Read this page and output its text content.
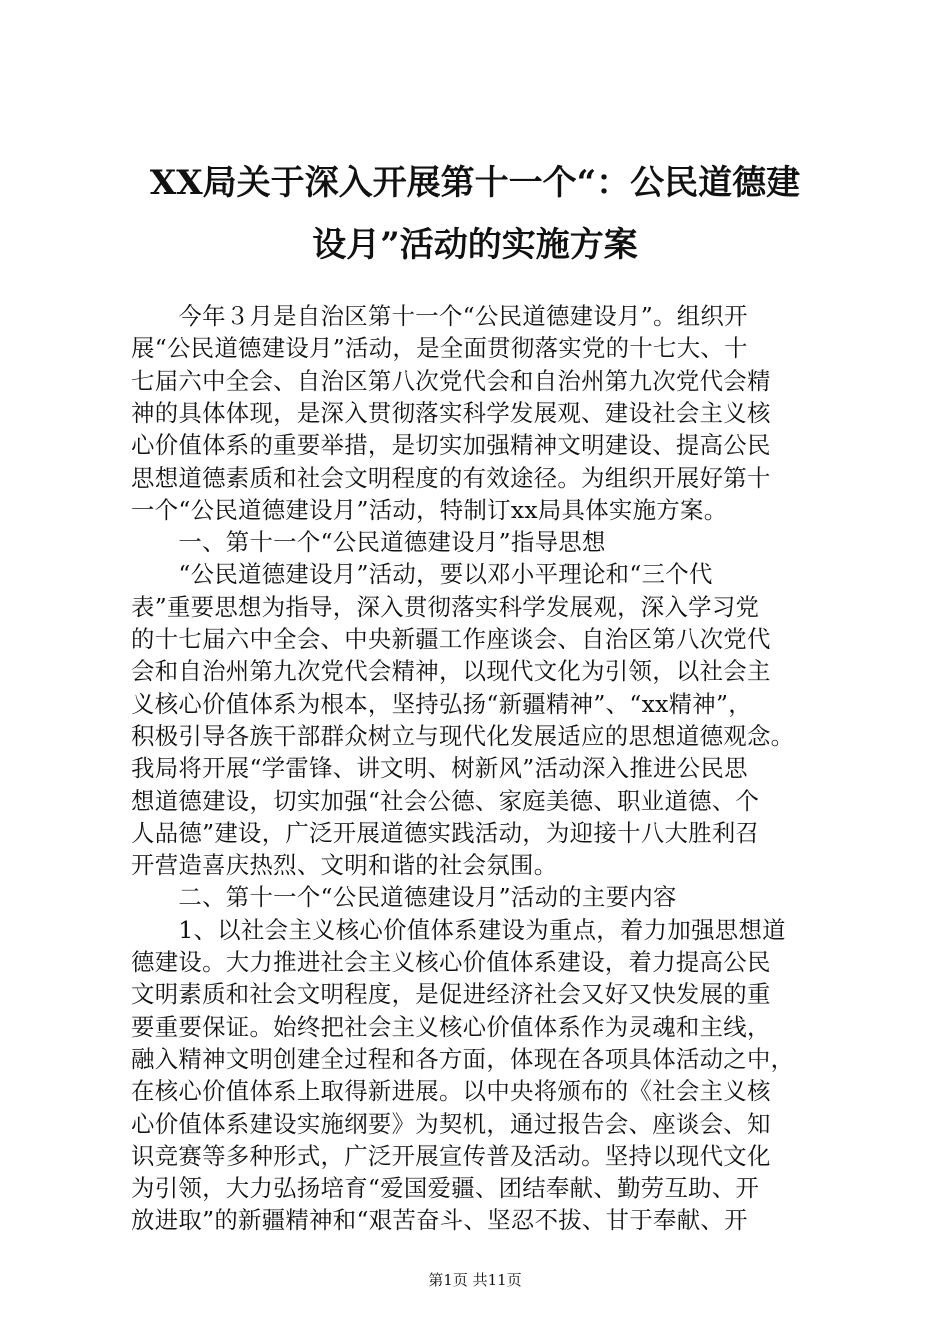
XX局关于深入开展第十一个“：公民道德建
设月”活动的实施方案
　　今年３月是自治区第十一个“公民道德建设月”。组织开
展“公民道德建设月”活动，是全面贯彻落实党的十七大、十
七届六中全会、自治区第八次党代会和自治州第九次党代会精
神的具体体现，是深入贯彻落实科学发展观、建设社会主义核
心价值体系的重要举措，是切实加强精神文明建设、提高公民
思想道德素质和社会文明程度的有效途径。为组织开展好第十
一个“公民道德建设月”活动，特制订xx局具体实施方案。
　　一、第十一个“公民道德建设月”指导思想
　　“公民道德建设月”活动，要以邓小平理论和“三个代
表”重要思想为指导，深入贯彻落实科学发展观，深入学习党
的十七届六中全会、中央新疆工作座谈会、自治区第八次党代
会和自治州第九次党代会精神，以现代文化为引领，以社会主
义核心价值体系为根本，坚持弘扬“新疆精神”、“xx精神”，
积极引导各族干部群众树立与现代化发展适应的思想道德观念。
我局将开展“学雷锋、讲文明、树新风”活动深入推进公民思
想道德建设，切实加强“社会公德、家庭美德、职业道德、个
人品德”建设，广泛开展道德实践活动，为迎接十八大胜利召
开营造喜庆热烈、文明和谐的社会氛围。
　　二、第十一个“公民道德建设月”活动的主要内容
　　1、以社会主义核心价值体系建设为重点，着力加强思想道
德建设。大力推进社会主义核心价值体系建设，着力提高公民
文明素质和社会文明程度，是促进经济社会又好又快发展的重
要重要保证。始终把社会主义核心价值体系作为灵魂和主线，
融入精神文明创建全过程和各方面，体现在各项具体活动之中，
在核心价值体系上取得新进展。以中央将颁布的《社会主义核
心价值体系建设实施纲要》为契机，通过报告会、座谈会、知
识竞赛等多种形式，广泛开展宣传普及活动。坚持以现代文化
为引领，大力弘扬培育“爱国爱疆、团结奉献、勤劳互助、开
放进取”的新疆精神和“艰苦奋斗、坚忍不拔、甘于奉献、开
第1页 共11页
